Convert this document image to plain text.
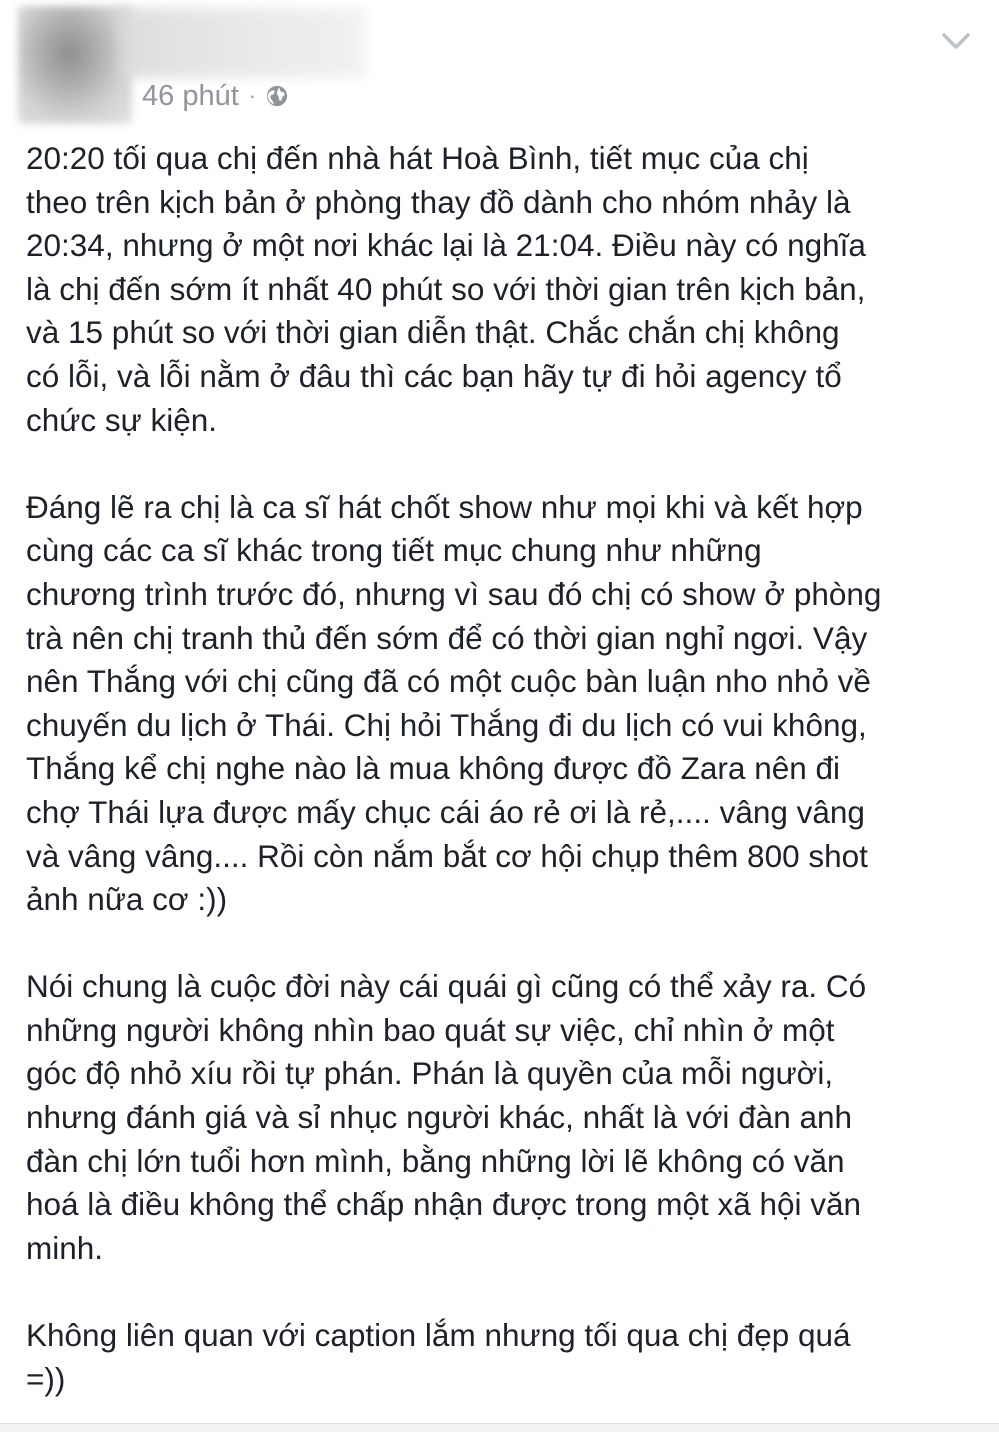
46 phút ·

20:20 tối qua chị đến nhà hát Hoà Bình, tiết mục của chị
theo trên kịch bản ở phòng thay đồ dành cho nhóm nhảy là
20:34, nhưng ở một nơi khác lại là 21:04. Điều này có nghĩa
là chị đến sớm ít nhất 40 phút so với thời gian trên kịch bản,
và 15 phút so với thời gian diễn thật. Chắc chắn chị không
có lỗi, và lỗi nằm ở đâu thì các bạn hãy tự đi hỏi agency tổ
chức sự kiện.

Đáng lẽ ra chị là ca sĩ hát chốt show như mọi khi và kết hợp
cùng các ca sĩ khác trong tiết mục chung như những
chương trình trước đó, nhưng vì sau đó chị có show ở phòng
trà nên chị tranh thủ đến sớm để có thời gian nghỉ ngơi. Vậy
nên Thắng với chị cũng đã có một cuộc bàn luận nho nhỏ về
chuyến du lịch ở Thái. Chị hỏi Thắng đi du lịch có vui không,
Thắng kể chị nghe nào là mua không được đồ Zara nên đi
chợ Thái lựa được mấy chục cái áo rẻ ơi là rẻ,.... vâng vâng
và vâng vâng.... Rồi còn nắm bắt cơ hội chụp thêm 800 shot
ảnh nữa cơ :))

Nói chung là cuộc đời này cái quái gì cũng có thể xảy ra. Có
những người không nhìn bao quát sự việc, chỉ nhìn ở một
góc độ nhỏ xíu rồi tự phán. Phán là quyền của mỗi người,
nhưng đánh giá và sỉ nhục người khác, nhất là với đàn anh
đàn chị lớn tuổi hơn mình, bằng những lời lẽ không có văn
hoá là điều không thể chấp nhận được trong một xã hội văn
minh.

Không liên quan với caption lắm nhưng tối qua chị đẹp quá
=))
